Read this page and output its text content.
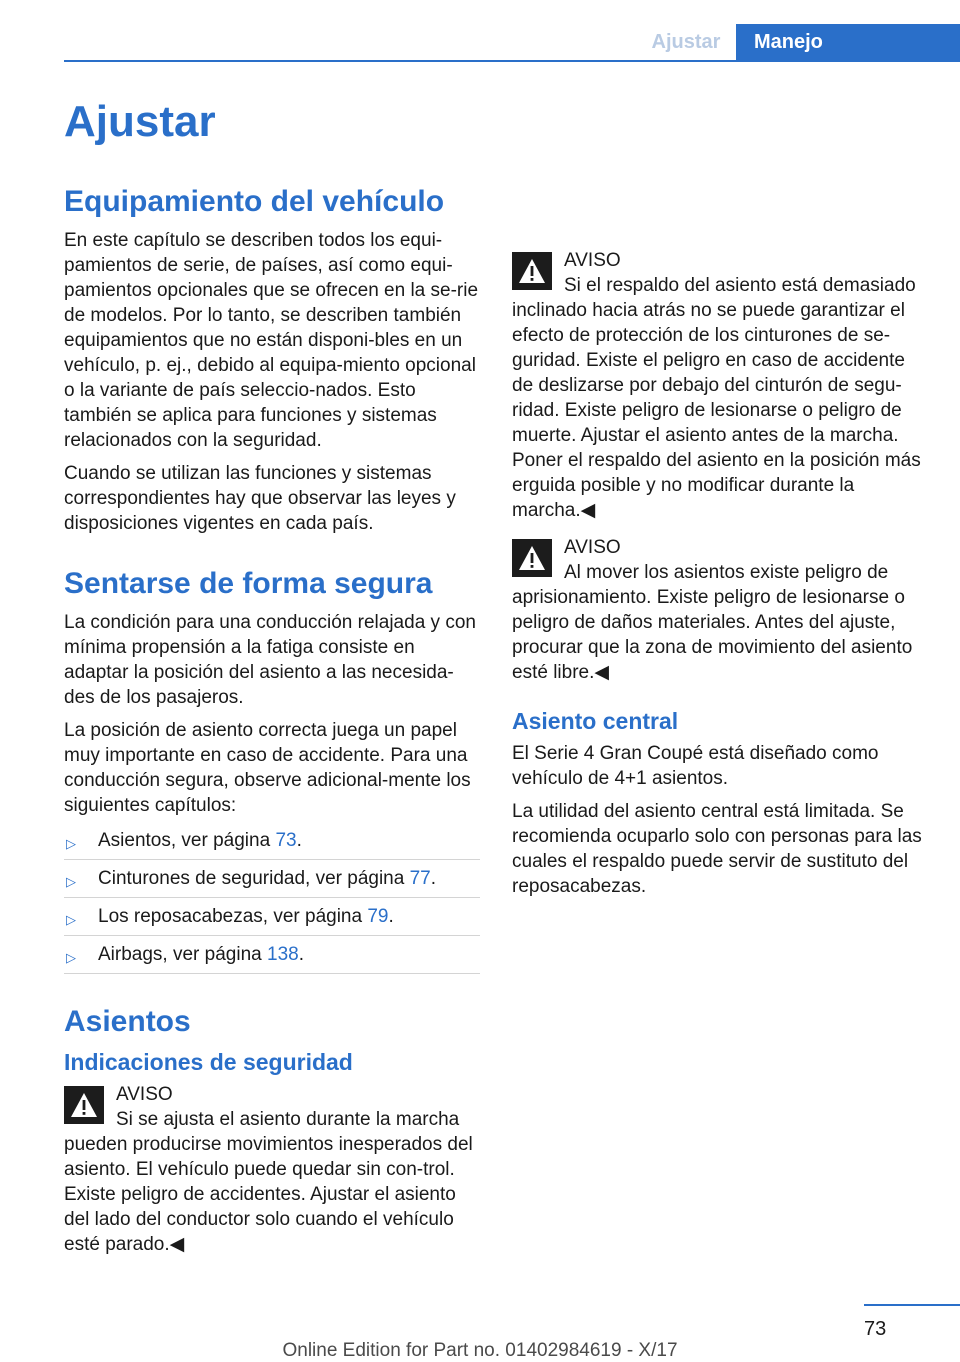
Ajustar	Manejo
Ajustar
Equipamiento del vehículo

En este capítulo se describen todos los equi-pamientos de serie, de países, así como equi-pamientos opcionales que se ofrecen en la se-rie de modelos. Por lo tanto, se describen también equipamientos que no están disponi-bles en un vehículo, p. ej., debido al equipa-miento opcional o la variante de país seleccio-nados. Esto también se aplica para funciones y sistemas relacionados con la seguridad.

Cuando se utilizan las funciones y sistemas correspondientes hay que observar las leyes y disposiciones vigentes en cada país.

Sentarse de forma segura

La condición para una conducción relajada y con mínima propensión a la fatiga consiste en adaptar la posición del asiento a las necesida-des de los pasajeros.

La posición de asiento correcta juega un papel muy importante en caso de accidente. Para una conducción segura, observe adicional-mente los siguientes capítulos:

▷ Asientos, ver página 73.
▷ Cinturones de seguridad, ver página 77.
▷ Los reposacabezas, ver página 79.
▷ Airbags, ver página 138.
Asientos
Indicaciones de seguridad
AVISO
Si se ajusta el asiento durante la marcha pueden producirse movimientos inesperados del asiento. El vehículo puede quedar sin con-trol. Existe peligro de accidentes. Ajustar el asiento del lado del conductor solo cuando el vehículo esté parado.◀
AVISO
Si el respaldo del asiento está demasiado inclinado hacia atrás no se puede garantizar el efecto de protección de los cinturones de se-guridad. Existe el peligro en caso de accidente de deslizarse por debajo del cinturón de segu-ridad. Existe peligro de lesionarse o peligro de muerte. Ajustar el asiento antes de la marcha. Poner el respaldo del asiento en la posición más erguida posible y no modificar durante la marcha.◀
AVISO
Al mover los asientos existe peligro de aprisionamiento. Existe peligro de lesionarse o peligro de daños materiales. Antes del ajuste, procurar que la zona de movimiento del asiento esté libre.◀
Asiento central

El Serie 4 Gran Coupé está diseñado como vehículo de 4+1 asientos.

La utilidad del asiento central está limitada. Se recomienda ocuparlo solo con personas para las cuales el respaldo puede servir de sustituto del reposacabezas.

73
Online Edition for Part no. 01402984619 - X/17
